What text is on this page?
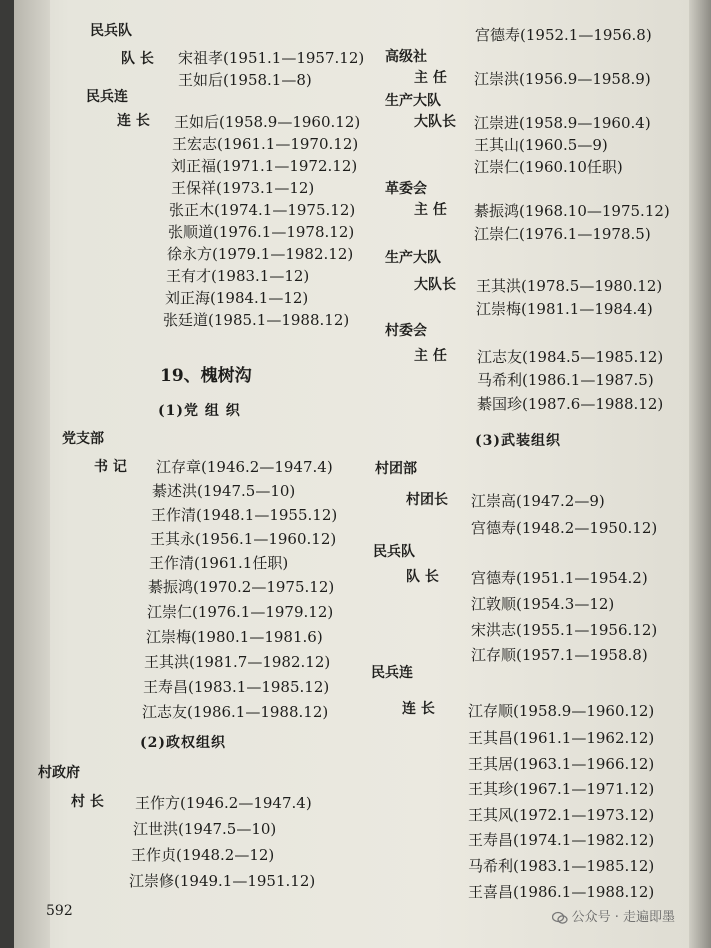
民兵队
队 长 宋祖孝(1951.1—1957.12)
王如后(1958.1—8)
民兵连
连 长 王如后(1958.9—1960.12)
王宏志(1961.1—1970.12)
刘正福(1971.1—1972.12)
王保祥(1973.1—12)
张正木(1974.1—1975.12)
张顺道(1976.1—1978.12)
徐永方(1979.1—1982.12)
王有才(1983.1—12)
刘正海(1984.1—12)
张廷道(1985.1—1988.12)
19、槐树沟
(1)党 组 织
党支部
书 记 江存章(1946.2—1947.4)
綦述洪(1947.5—10)
王作清(1948.1—1955.12)
王其永(1956.1—1960.12)
王作清(1961.1任职)
綦振鸿(1970.2—1975.12)
江崇仁(1976.1—1979.12)
江崇梅(1980.1—1981.6)
王其洪(1981.7—1982.12)
王寿昌(1983.1—1985.12)
江志友(1986.1—1988.12)
(2)政权组织
村政府
村 长 王作方(1946.2—1947.4)
江世洪(1947.5—10)
王作贞(1948.2—12)
江崇修(1949.1—1951.12)
宫德寿(1952.1—1956.8)
高级社
主 任 江崇洪(1956.9—1958.9)
生产大队
大队长 江崇进(1958.9—1960.4)
王其山(1960.5—9)
江崇仁(1960.10任职)
革委会
主 任 綦振鸿(1968.10—1975.12)
江崇仁(1976.1—1978.5)
生产大队
大队长 王其洪(1978.5—1980.12)
江崇梅(1981.1—1984.4)
村委会
主 任 江志友(1984.5—1985.12)
马希利(1986.1—1987.5)
綦国珍(1987.6—1988.12)
(3)武装组织
村团部
村团长 江崇高(1947.2—9)
宫德寿(1948.2—1950.12)
民兵队
队 长 宫德寿(1951.1—1954.2)
江敦顺(1954.3—12)
宋洪志(1955.1—1956.12)
江存顺(1957.1—1958.8)
民兵连
连 长 江存顺(1958.9—1960.12)
王其昌(1961.1—1962.12)
王其居(1963.1—1966.12)
王其珍(1967.1—1971.12)
王其风(1972.1—1973.12)
王寿昌(1974.1—1982.12)
马希利(1983.1—1985.12)
王喜昌(1986.1—1988.12)
592	公众号 · 走遍即墨
